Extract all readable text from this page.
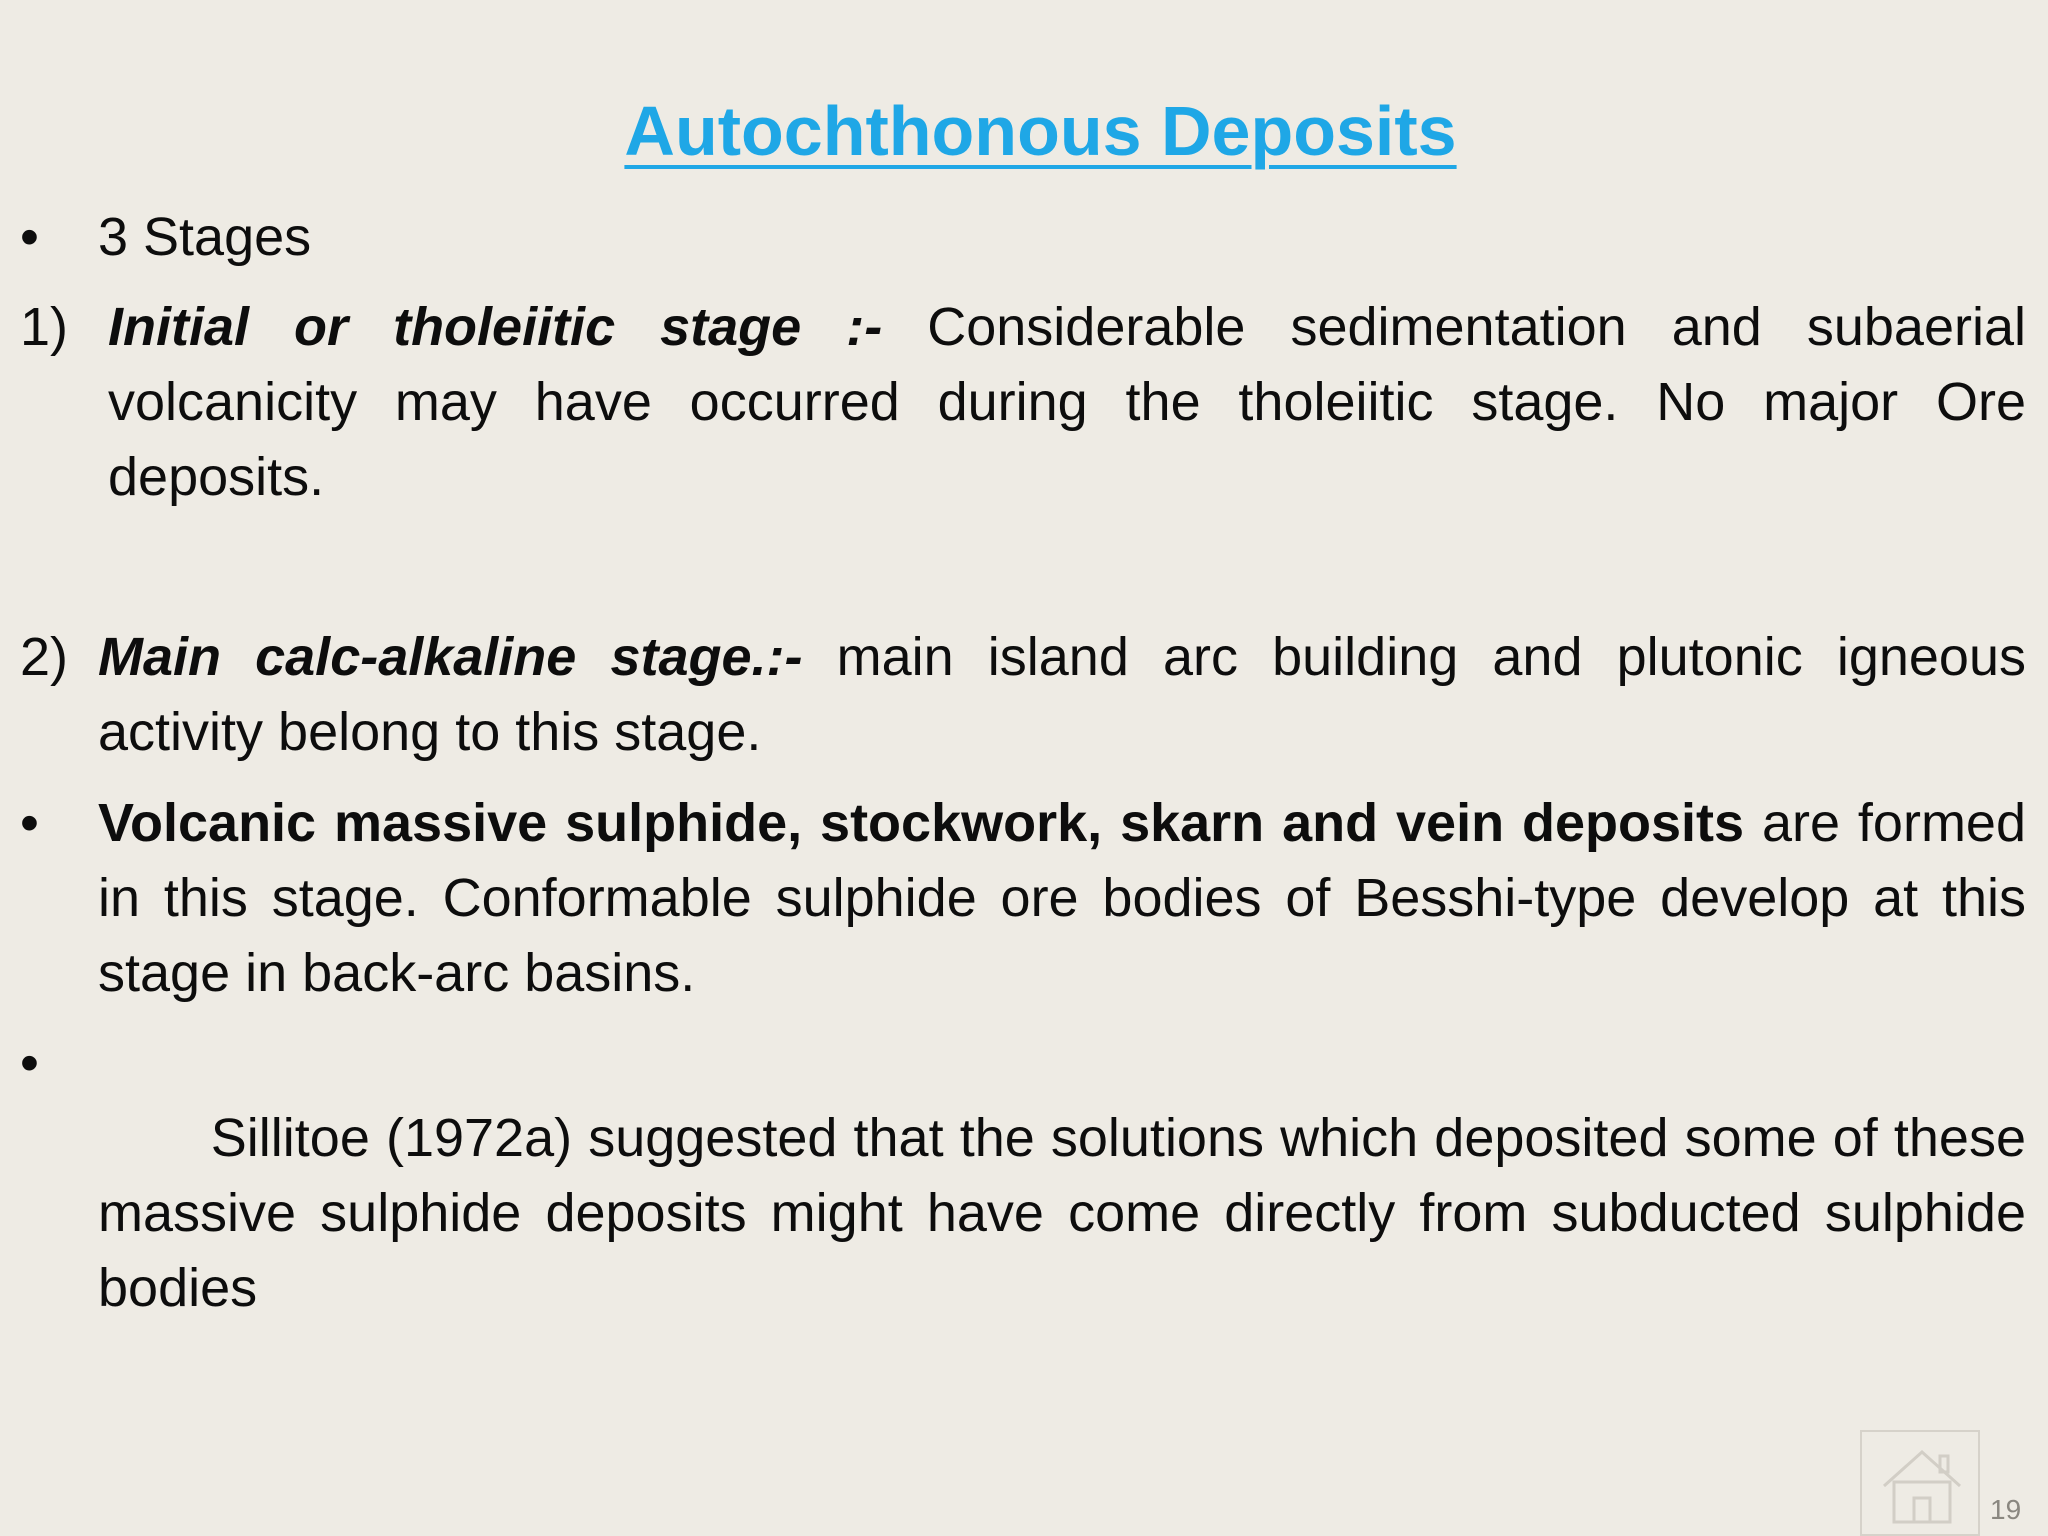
Autochthonous Deposits
• 3 Stages
1) Initial or tholeiitic stage :- Considerable sedimentation and subaerial volcanicity may have occurred during the tholeiitic stage. No major Ore deposits.
2) Main calc-alkaline stage.:- main island arc building and plutonic igneous activity belong to this stage.
• Volcanic massive sulphide, stockwork, skarn and vein deposits are formed in this stage. Conformable sulphide ore bodies of Besshi-type develop at this stage in back-arc basins.
•

Sillitoe (1972a) suggested that the solutions which deposited some of these massive sulphide deposits might have come directly from subducted sulphide bodies

19
